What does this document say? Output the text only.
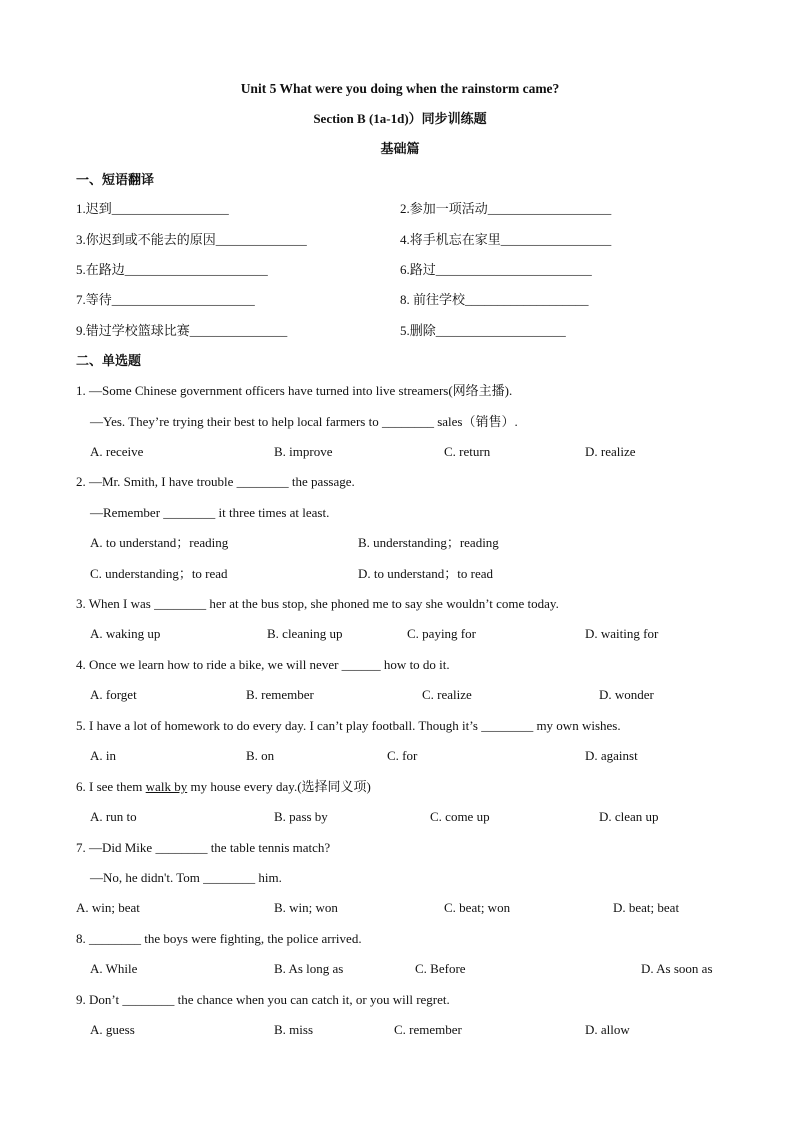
Unit 5 What were you doing when the rainstorm came?
Section B (1a-1d)）同步训练题
基础篇
一、短语翻译
1.迟到__________________	2.参加一项活动___________________
3.你迟到或不能去的原因______________	4.将手机忘在家里_________________
5.在路边______________________	6.路过________________________
7.等待______________________	8. 前往学校___________________
9.错过学校篮球比赛_______________	5.删除____________________
二、单选题
1. —Some Chinese government officers have turned into live streamers(网络主播).
—Yes. They’re trying their best to help local farmers to ________ sales（销售）.
A. receive	B. improve	C. return	D. realize
2. —Mr. Smith, I have trouble ________ the passage.
—Remember ________ it three times at least.
A. to understand；reading	B. understanding；reading
C. understanding；to read	D. to understand；to read
3. When I was ________ her at the bus stop, she phoned me to say she wouldn’t come today.
A. waking up	B. cleaning up	C. paying for	D. waiting for
4. Once we learn how to ride a bike, we will never ______ how to do it.
A. forget	B. remember	C. realize	D. wonder
5. I have a lot of homework to do every day. I can’t play football. Though it’s ________ my own wishes.
A. in	B. on	C. for	D. against
6. I see them walk by my house every day.(选择同义项)
A. run to	B. pass by	C. come up	D. clean up
7. —Did Mike ________ the table tennis match?
—No, he didn't. Tom ________ him.
A. win; beat	B. win; won	C. beat; won	D. beat; beat
8. ________ the boys were fighting, the police arrived.
A. While	B. As long as	C. Before	D. As soon as
9. Don’t ________ the chance when you can catch it, or you will regret.
A. guess	B. miss	C. remember	D. allow
